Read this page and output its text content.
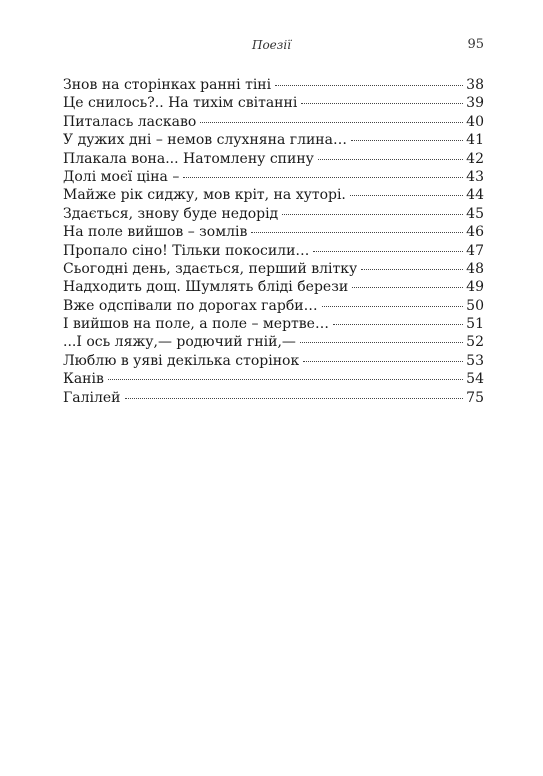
Поезії	95
Знов на сторінках ранні тіні	38
Це снилось?.. На тихім світанні	39
Питалась ласкаво	40
У дужих дні – немов слухняна глина…	41
Плакала вона... Натомлену спину	42
Долі моєї ціна –	43
Майже рік сиджу, мов кріт, на хуторі.	44
Здається, знову буде недорід	45
На поле вийшов – зомлів	46
Пропало сіно! Тільки покосили…	47
Сьогодні день, здається, перший влітку	48
Надходить дощ. Шумлять бліді берези	49
Вже одспівали по дорогах гарби…	50
І вийшов на поле, а поле – мертве…	51
...І ось ляжу,— родючий гній,—	52
Люблю в уяві декілька сторінок	53
Канів	54
Галілей	75
